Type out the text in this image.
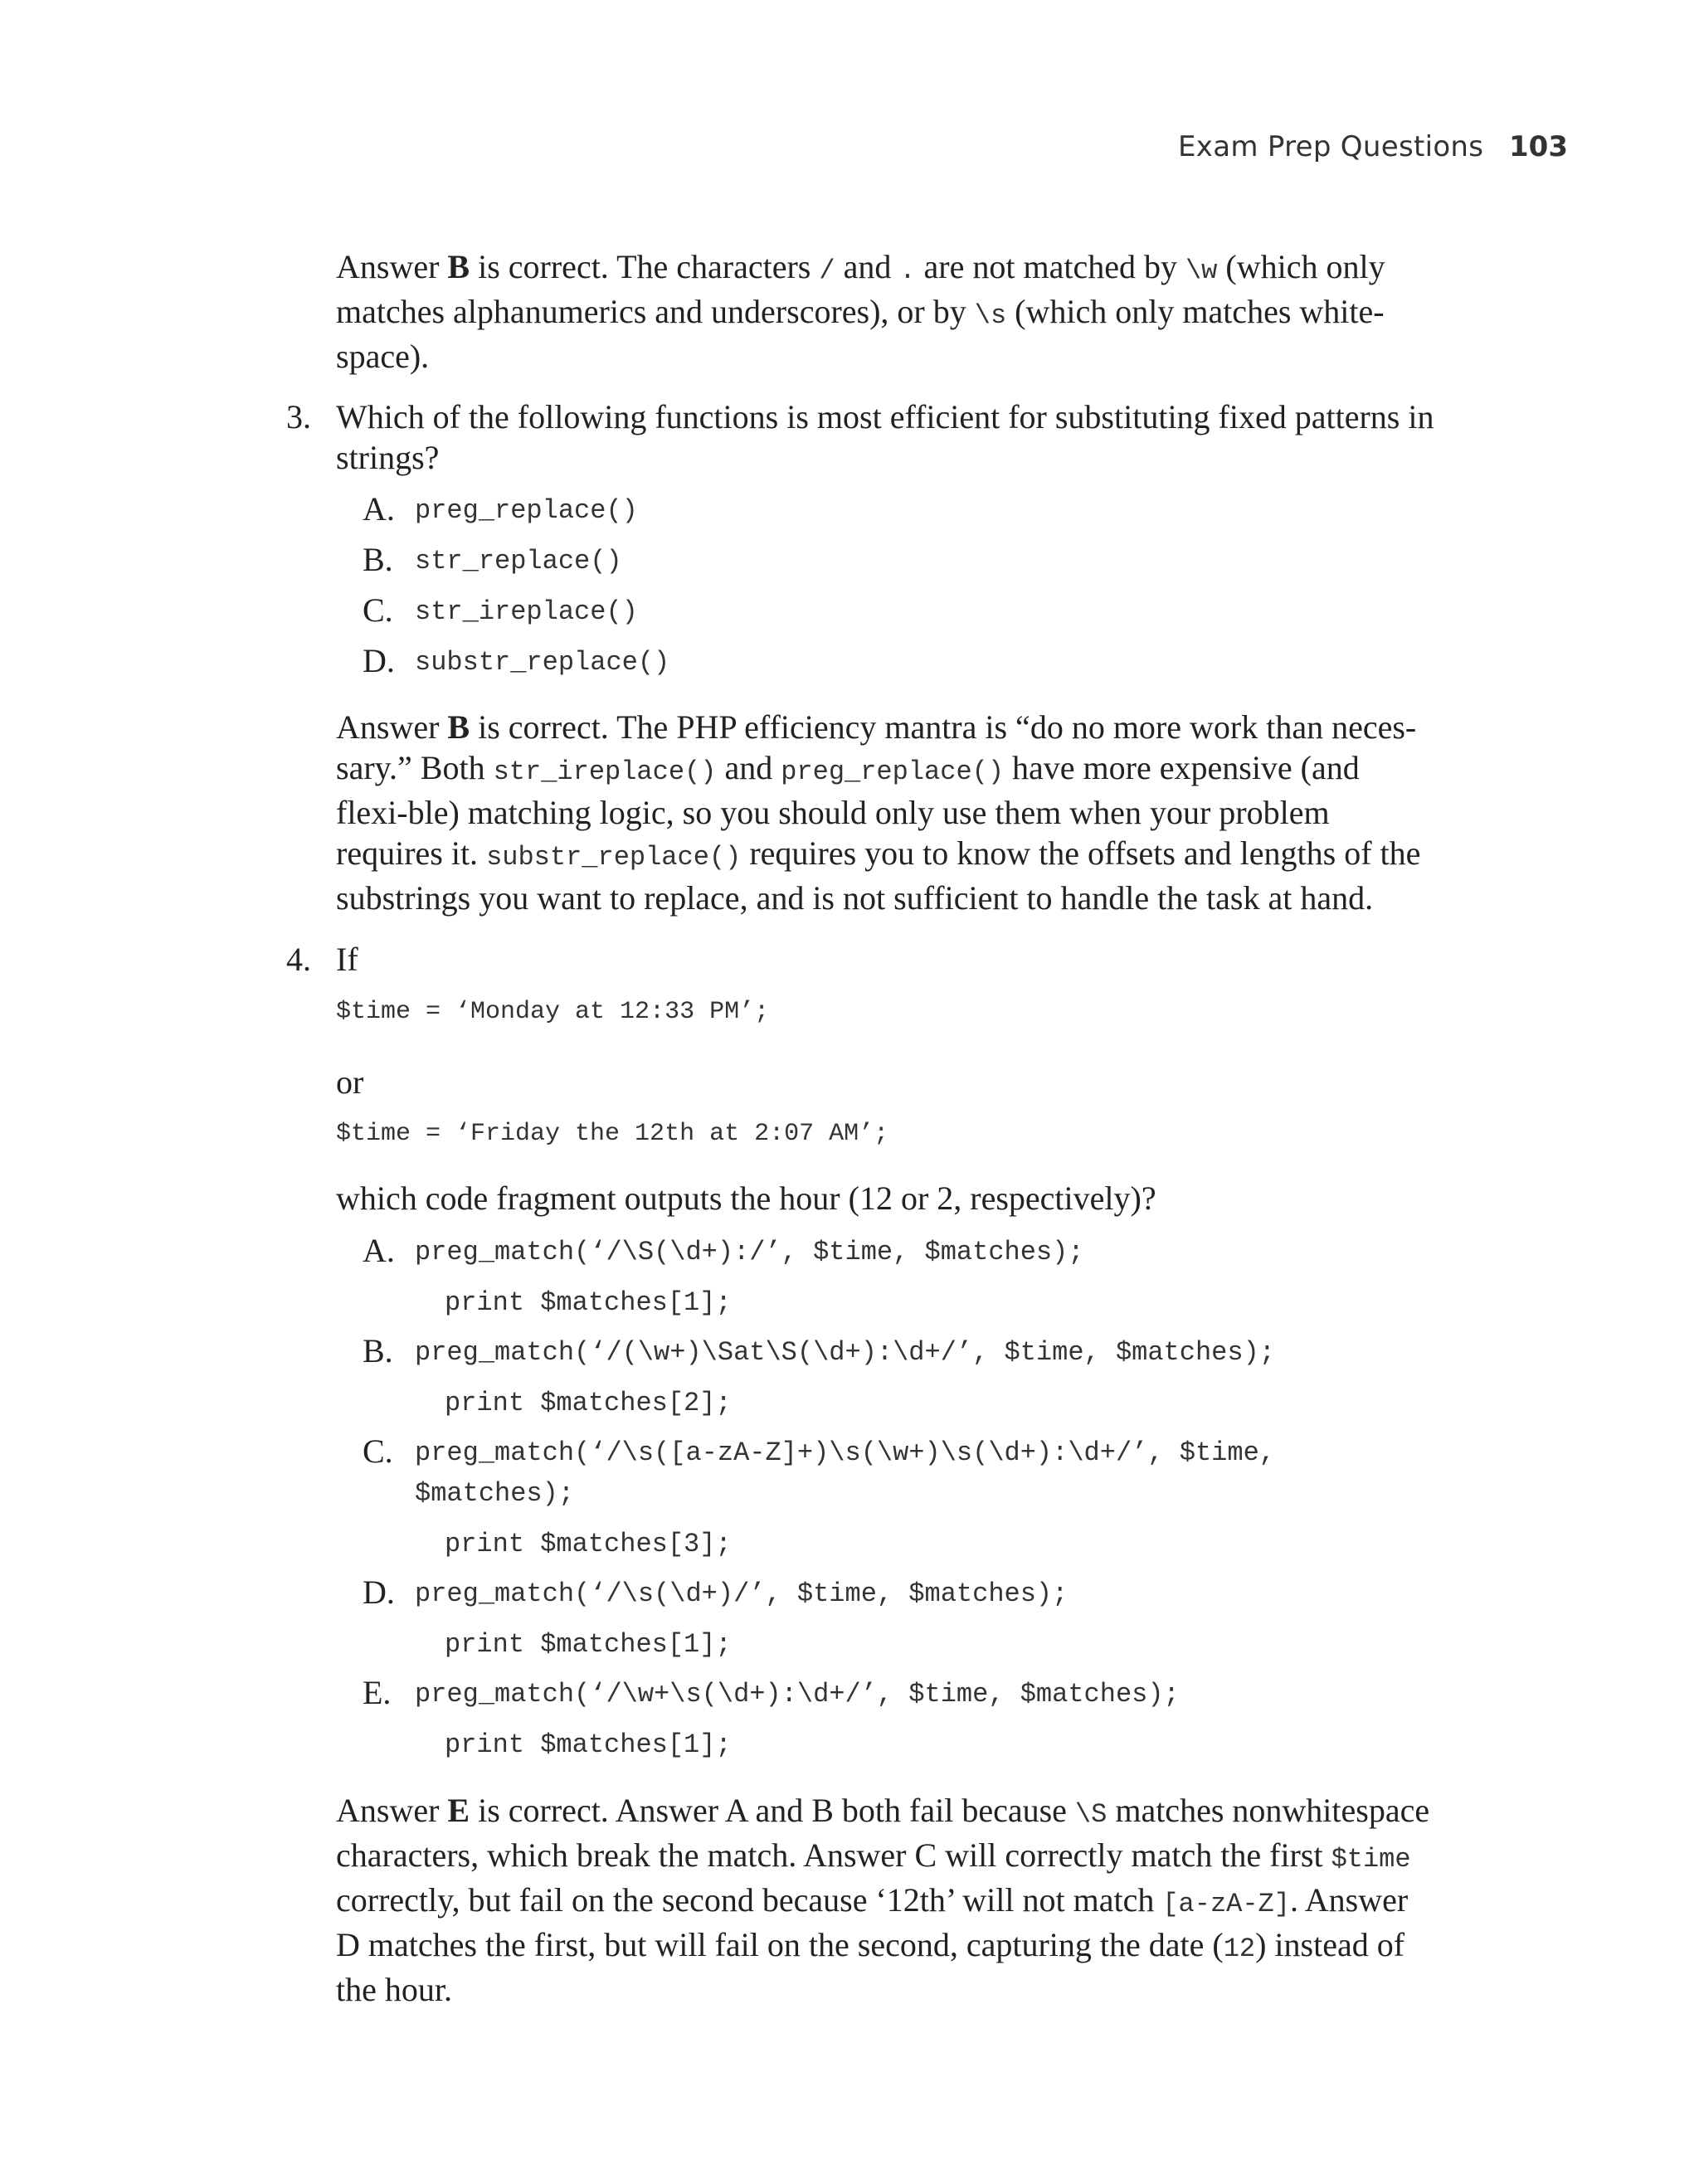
Exam Prep Questions 103

Answer B is correct. The characters / and . are not matched by \w (which only matches alphanumerics and underscores), or by \s (which only matches white-space).

3. Which of the following functions is most efficient for substituting fixed patterns in strings?

A. preg_replace()
B. str_replace()
C. str_ireplace()
D. substr_replace()

Answer B is correct. The PHP efficiency mantra is “do no more work than neces-sary.” Both str_ireplace() and preg_replace() have more expensive (and flexi-ble) matching logic, so you should only use them when your problem requires it. substr_replace() requires you to know the offsets and lengths of the substrings you want to replace, and is not sufficient to handle the task at hand.

4. If

$time = ‘Monday at 12:33 PM’;

or

$time = ‘Friday the 12th at 2:07 AM’;

which code fragment outputs the hour (12 or 2, respectively)?

A. preg_match(‘/\S(\d+):/’, $time, $matches);
print $matches[1];
B. preg_match(‘/(\w+)\Sat\S(\d+):\d+/’, $time, $matches);
print $matches[2];
C. preg_match(‘/\s([a-zA-Z]+)\s(\w+)\s(\d+):\d+/’, $time,
$matches);
print $matches[3];
D. preg_match(‘/\s(\d+)/’, $time, $matches);
print $matches[1];
E. preg_match(‘/\w+\s(\d+):\d+/’, $time, $matches);
print $matches[1];

Answer E is correct. Answer A and B both fail because \S matches nonwhitespace characters, which break the match. Answer C will correctly match the first $time correctly, but fail on the second because ‘12th’ will not match [a-zA-Z]. Answer D matches the first, but will fail on the second, capturing the date (12) instead of the hour.
